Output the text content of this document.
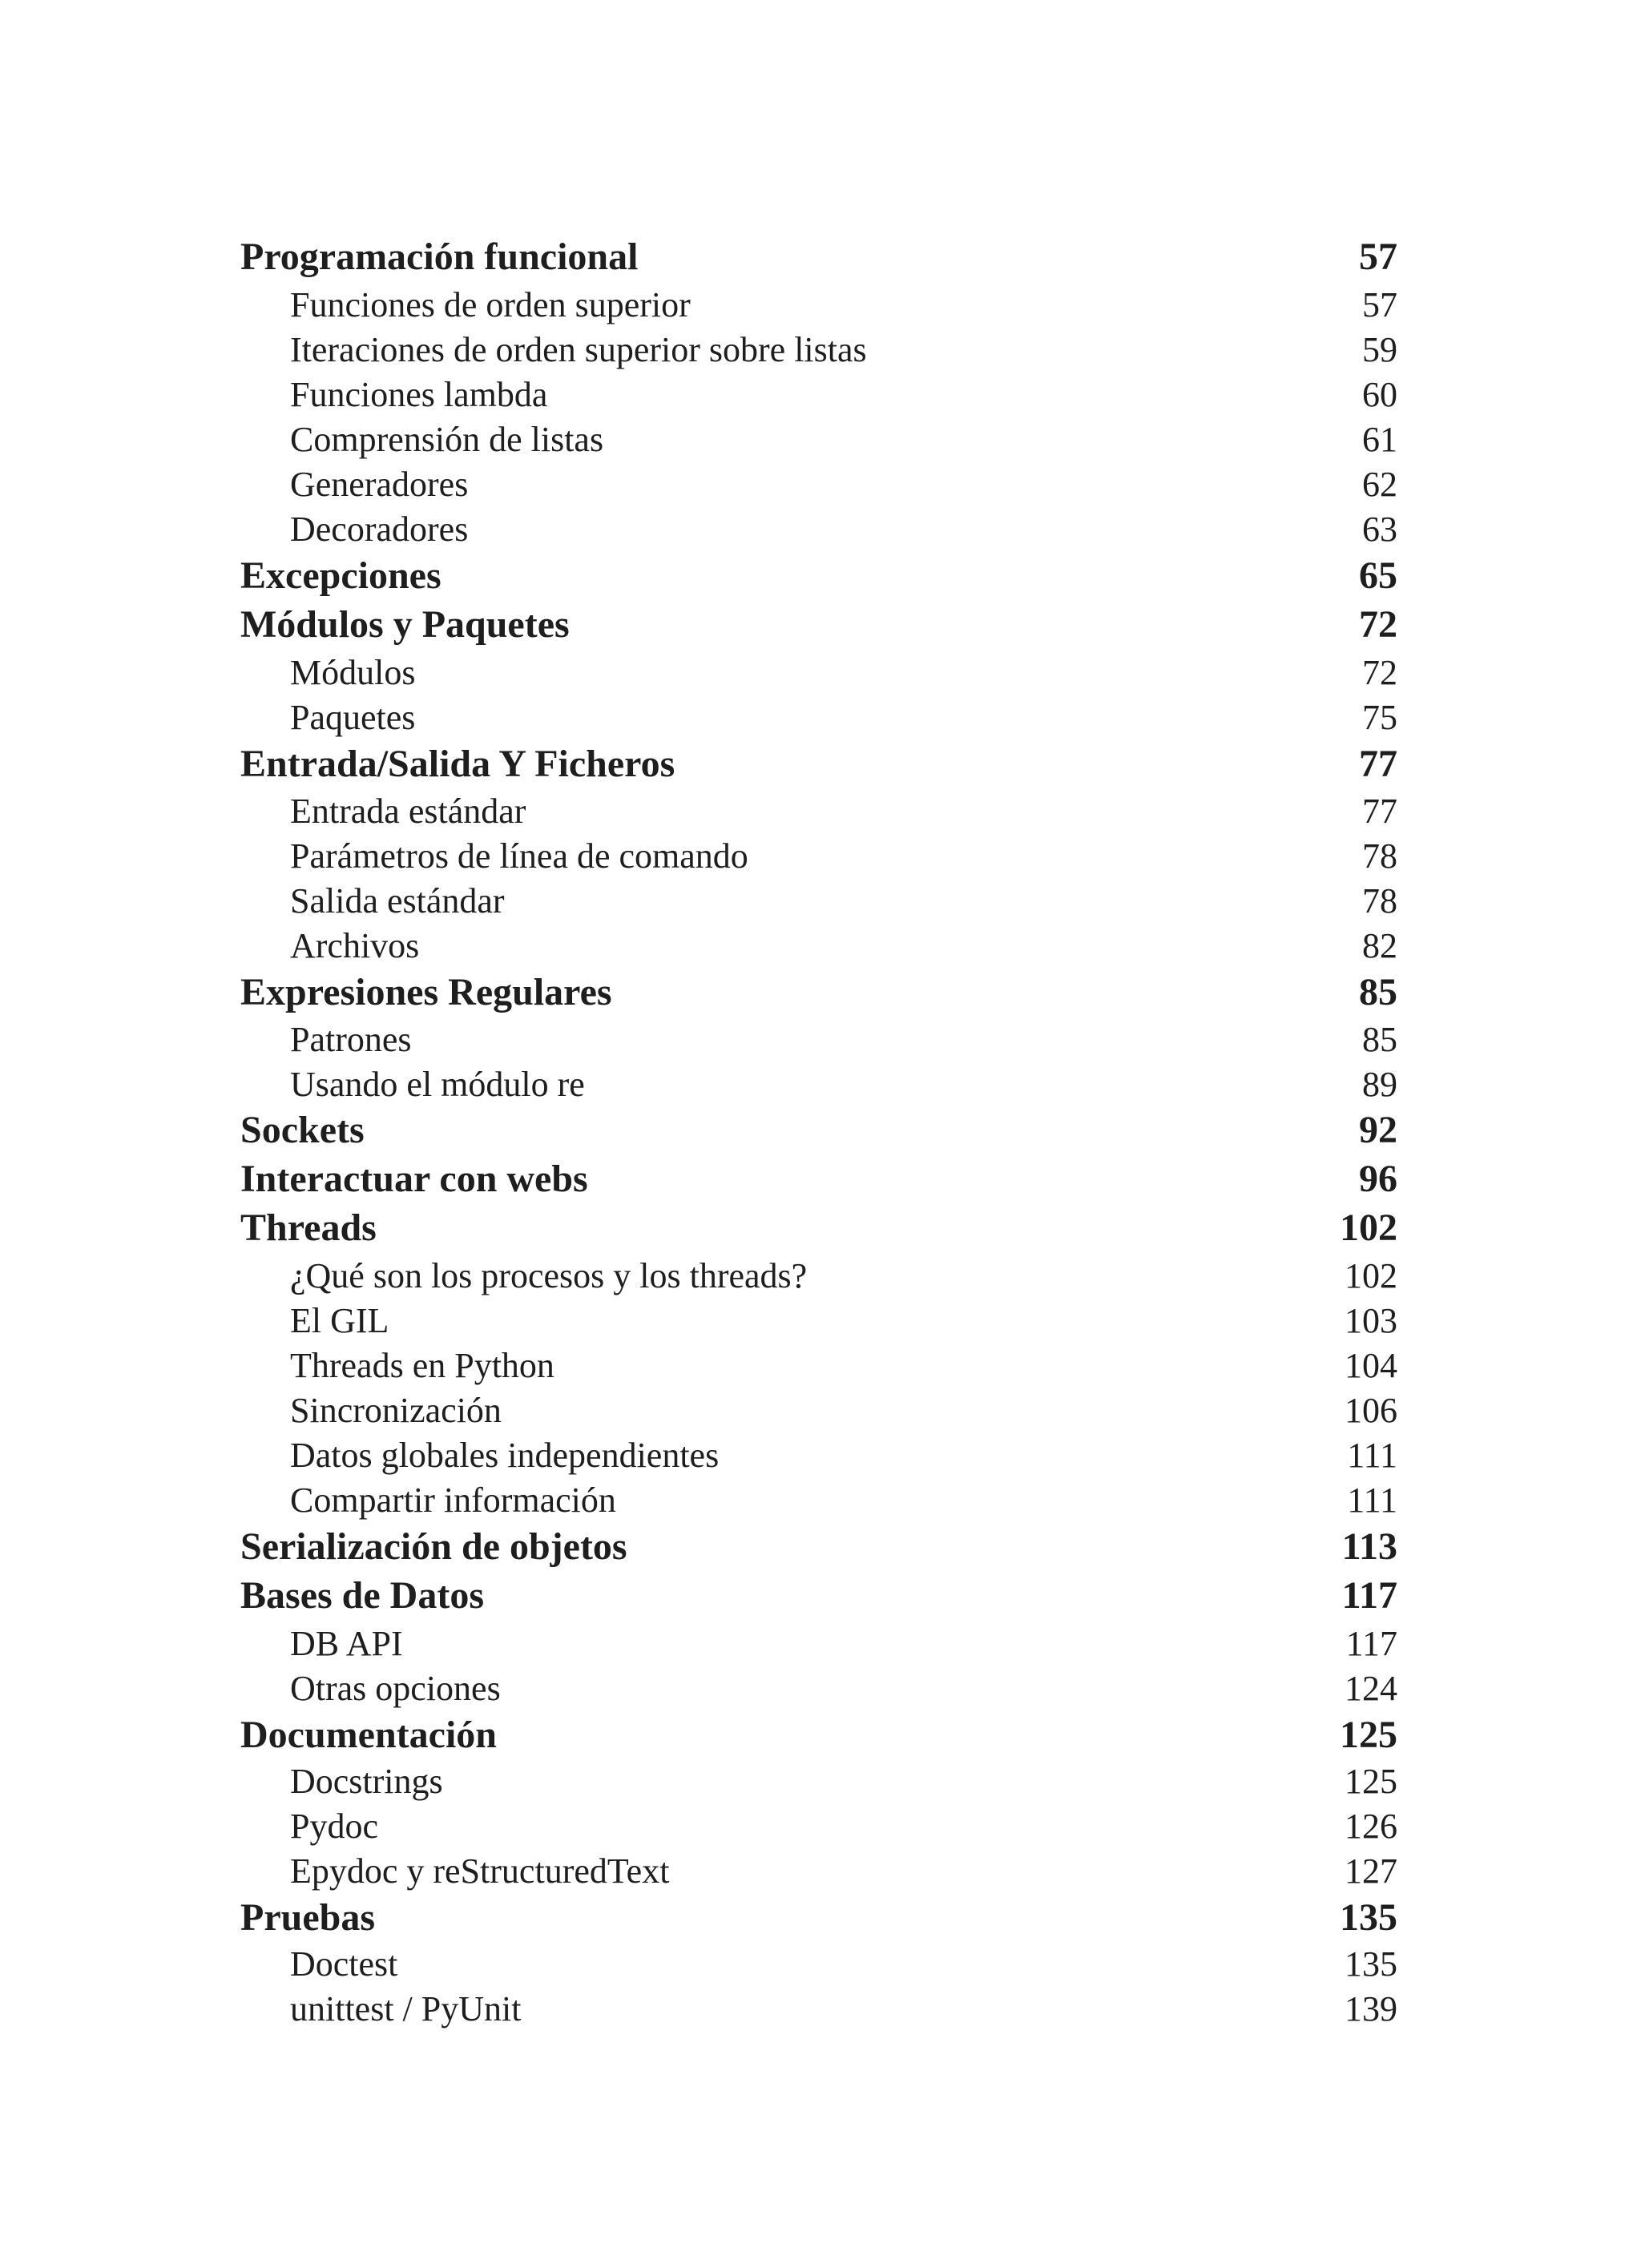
Programación funcional	57
Funciones de orden superior	57
Iteraciones de orden superior sobre listas	59
Funciones lambda	60
Comprensión de listas	61
Generadores	62
Decoradores	63
Excepciones	65
Módulos y Paquetes	72
Módulos	72
Paquetes	75
Entrada/Salida Y Ficheros	77
Entrada estándar	77
Parámetros de línea de comando	78
Salida estándar	78
Archivos	82
Expresiones Regulares	85
Patrones	85
Usando el módulo re	89
Sockets	92
Interactuar con webs	96
Threads	102
¿Qué son los procesos y los threads?	102
El GIL	103
Threads en Python	104
Sincronización	106
Datos globales independientes	111
Compartir información	111
Serialización de objetos	113
Bases de Datos	117
DB API	117
Otras opciones	124
Documentación	125
Docstrings	125
Pydoc	126
Epydoc y reStructuredText	127
Pruebas	135
Doctest	135
unittest / PyUnit	139
